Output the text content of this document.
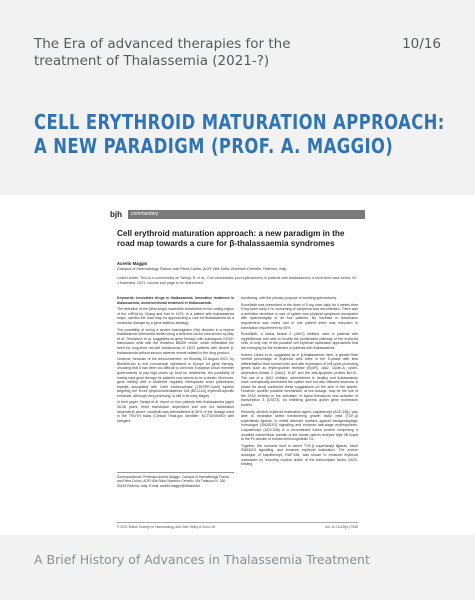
The Era of advanced therapies for the treatment of Thalassemia (2021-?)
10/16
CELL ERYTHROID MATURATION APPROACH:
A NEW PARADIGM (PROF. A. MAGGIO)
bjh	commentary
Cell erythroid maturation approach: a new paradigm in the road map towards a cure for β-thalassaemia syndromes
Aurelio Maggio
Campus of Haematology Franco and Piera Cutino, AOR Villa Sofia-Vincenzo Cervello, Palermo, Italy
Linked article: This is a commentary on Taneja, R. et al., Can mesoblastic poor splenectomy in patients with thalassaemia: a short term case series. Br J Haematol. 2021; volume and page to be determined.

Keywords: innovative drugs in thalassaemia, innovative treatment in thalassaemia, unconventional treatment in thalassaemia.

The detection of the βthal single-nucleotide substitution in the coding region of the mRNA by Chang and Kan in 1979, in a patient with thalassaemia major, opened the road map for approaching a cure for thalassaemia as a molecular disease by a gene addition strategy.

The possibility of curing a severe haemoglobin (Hb) disorder in a murine thalassaemic intermedia model using a lentivirus vector was shown by May et al. Thompson et al. suggested as gene therapy with autologous CD34+ transduced cells with the lentivirus BB305 vector, which eliminated the need for long-term red-cell transfusions in 15/22 patients with severe β-thalassaemia without serious adverse events related to the drug product.

However, because of the announcement, on Monday 23 August 2021, by Bluebird-bio to end commercial operations in Europe for gene therapy, choosing that it has been too difficult to convince European Union member governments to pay high prices up front for treatments, the possibility of having beta gene therapy for patients now seems to be a dream. Moreover, gene editing with a clustered regularly interspaced short palindromic repeats associated with Cas9 endonuclease (CRISPR-Cas9) system targeting the B-cell lymphoma/leukaemia 11A (BCL11A) erythroid-specific enhancer, although very promising, is still in its early stages.

In their paper, Taneja et al. report on four patients with thalassaemia (aged 26-36 years; three transfusion dependent and one not transfusion dependent) where ruxolitinib was administered at 50% of the dosage used in the TRUTH study (Clinical Trials.gov Identifier: NCT02049450) with stringent

Correspondence: Professor Aurelio Maggio, Campus of Haematology Franco and Piera Cutino, AOR Villa Sofia-Vincenzo Cervello, Via Trabucco N. 180, 90146 Palermo, Italy. E-mail: aurelio.maggio@villasofia.it

monitoring, with the primary purpose of avoiding splenectomy.

Ruxolitinib was prescribed in the dose of 5 mg once daily for 4 weeks then 5 mg twice daily if no worsening of cytopenia was documented. There was a definitive decrease in size of spleen and physical symptoms associated with splenomegaly in all four patients. No increase in transfusion requirement was noted and in one patient there was reduction in transfusion requirement by 35%.

Ruxolitinib, a Janus kinase 2 (JAK2) inhibitor used in patients with myelofibrosis and able to modify the proliferative pathway of the erythroid cells, is only one of the possible cell erythroid maturation approaches that are emerging for the treatment of patients with thalassaemia.

Indeed, Libani et al. suggested as in β-thalassaemic mice, a greater than normal percentage of erythroid cells were in the S-phase with less differentiation than normal ones and with expression of cell cycle promoting genes such as erythropoietin receptor (EpoR), Jak2, Cyclin-A, cyclin-dependent kinase 2 (Cdk2), Ki-67 and the anti-apoptotic protein Bcl-XL. The use of a JAK2 inhibitor, administered to healthy and thalassaemic mice, dramatically decreased the spleen size but also affected anaemia. A phase IIa study confirmed these suggestions on the size of the spleen. However, another possible mechanism, at low dosage, may be the role of the JAK2 inhibitor in the activation of signal transducer and activator of transcription 3 (STAT3), an inhibiting gamma globin gene expression protein.

Recently, another erythroid maturation agent, luspatercept (ACE-536), was able to neutralise select transforming growth factor beta (TGF-β) superfamily ligands, to inhibit aberrant mothers against decapentaplegic homologue (SMAD2/3) signalling and enhance late-stage erythropoiesis. Luspatercept (ACE-536) is a recombinant fusion protein comprising a modified extracellular domain of the human activin receptor type IIB fused to the Fc domain of human immunoglobulin G1.

Together, the domains bind to select TGF-β superfamily ligands, block SMAD2/3 signalling, and enhance erythroid maturation. The murine analogue of luspatercept, RAP-536, was shown to enhance erythroid maturation by restoring nuclear levels of the transcription factor GATA-binding

© 2021 British Society for Haematology and John Wiley & Sons Ltd	doi: 10.1111/bjh.17848
A Brief History of Advances in Thalassemia Treatment
